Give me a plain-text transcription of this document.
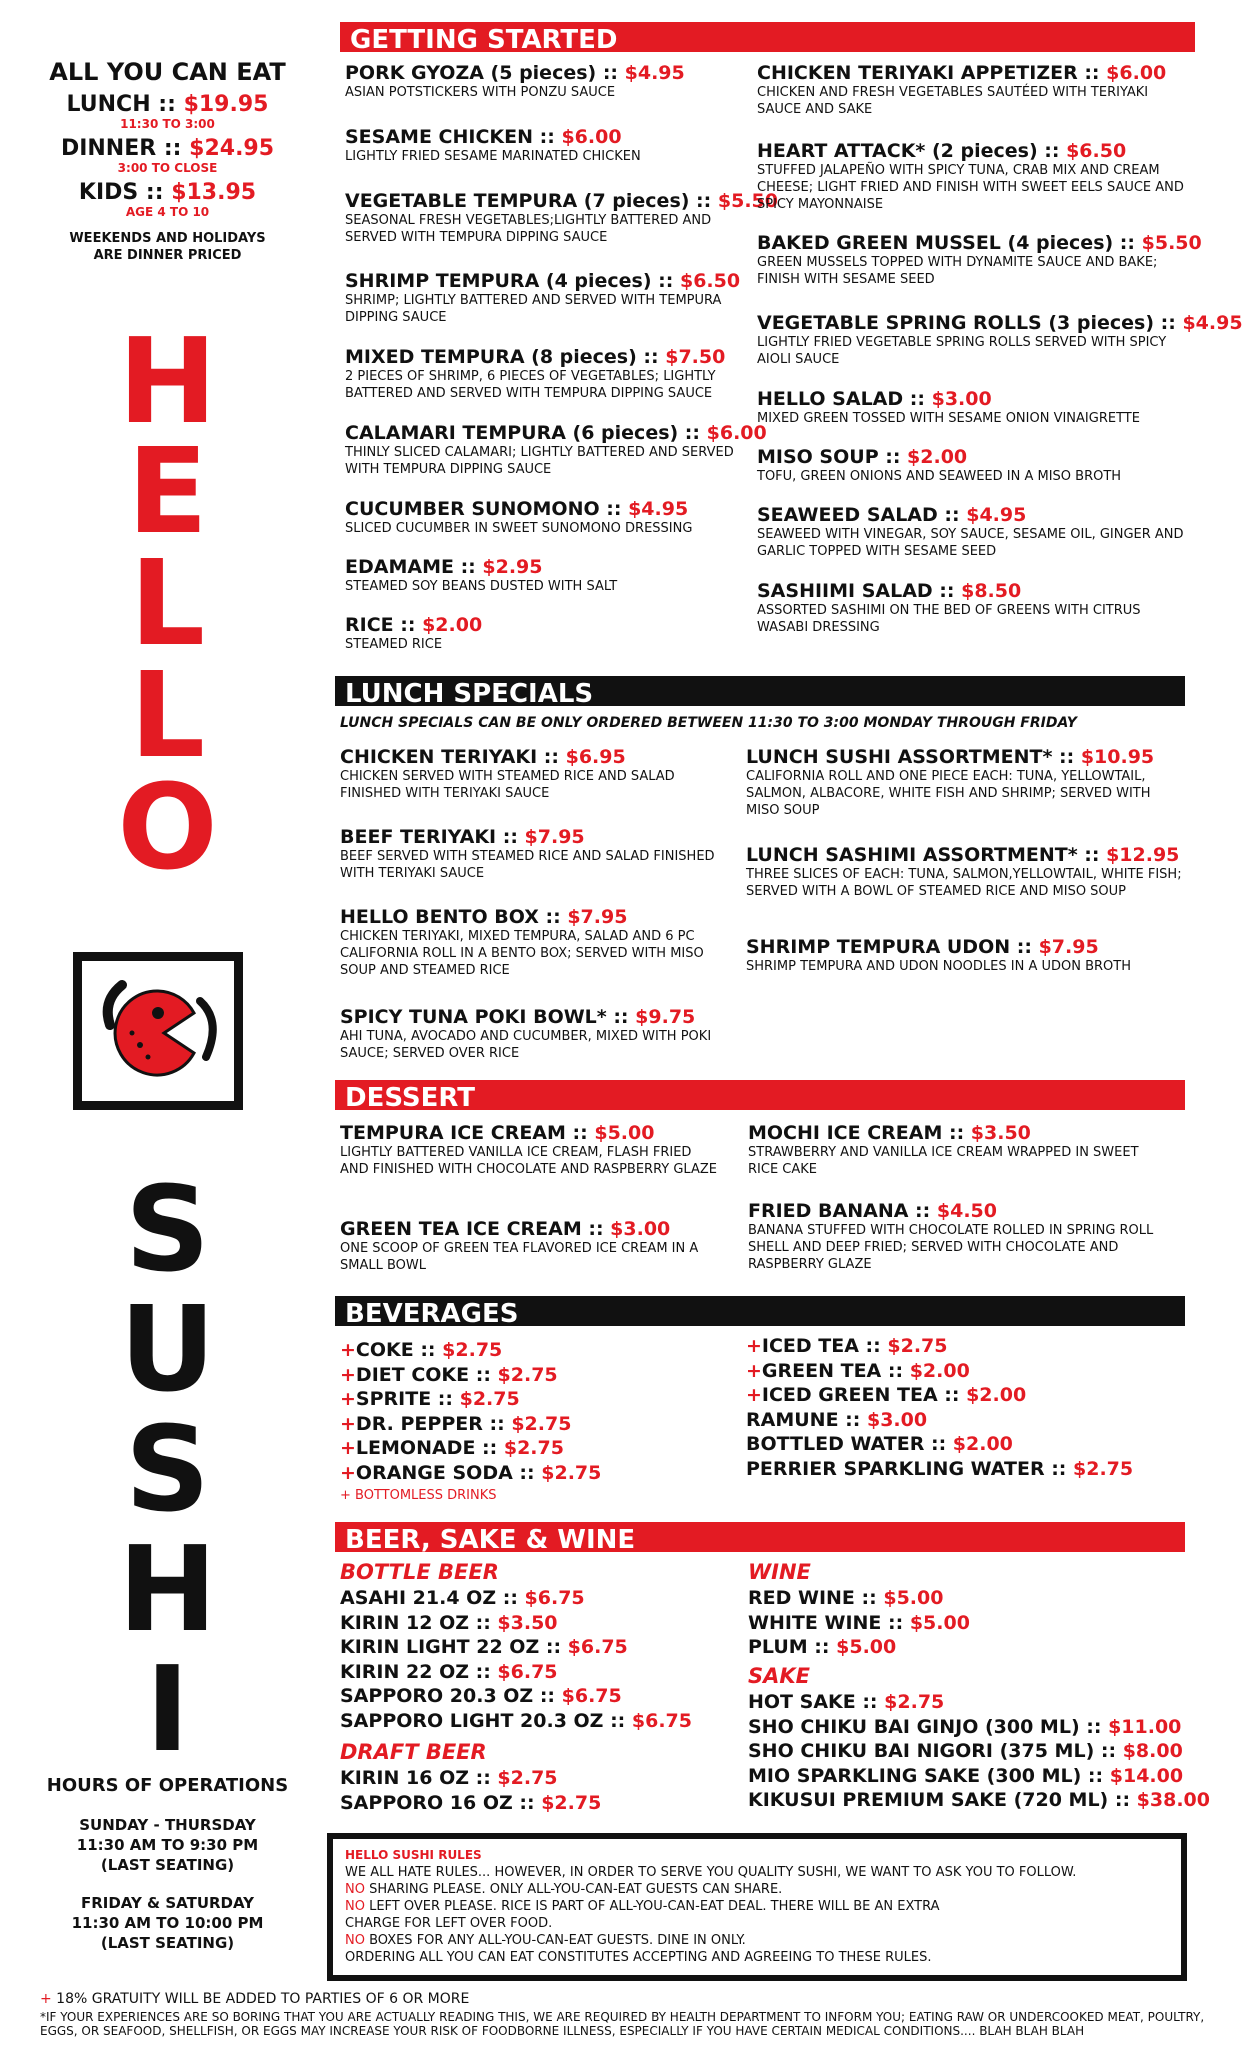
ALL YOU CAN EAT
LUNCH :: $19.95
11:30 TO 3:00
DINNER :: $24.95
3:00 TO CLOSE
KIDS :: $13.95
AGE 4 TO 10
WEEKENDS AND HOLIDAYS
ARE DINNER PRICED
H
E
L
L
O
S
U
S
H
I
HOURS OF OPERATIONS
SUNDAY - THURSDAY
11:30 AM TO 9:30 PM
(LAST SEATING)
FRIDAY & SATURDAY
11:30 AM TO 10:00 PM
(LAST SEATING)
GETTING STARTED
PORK GYOZA (5 pieces) :: $4.95
ASIAN POTSTICKERS WITH PONZU SAUCE
SESAME CHICKEN :: $6.00
LIGHTLY FRIED SESAME MARINATED CHICKEN
VEGETABLE TEMPURA (7 pieces) :: $5.50
SEASONAL FRESH VEGETABLES;LIGHTLY BATTERED AND SERVED WITH TEMPURA DIPPING SAUCE
SHRIMP TEMPURA (4 pieces) :: $6.50
SHRIMP; LIGHTLY BATTERED AND SERVED WITH TEMPURA DIPPING SAUCE
MIXED TEMPURA (8 pieces) :: $7.50
2 PIECES OF SHRIMP, 6 PIECES OF VEGETABLES; LIGHTLY BATTERED AND SERVED WITH TEMPURA DIPPING SAUCE
CALAMARI TEMPURA (6 pieces) :: $6.00
THINLY SLICED CALAMARI; LIGHTLY BATTERED AND SERVED WITH TEMPURA DIPPING SAUCE
CUCUMBER SUNOMONO :: $4.95
SLICED CUCUMBER IN SWEET SUNOMONO DRESSING
EDAMAME :: $2.95
STEAMED SOY BEANS DUSTED WITH SALT
RICE :: $2.00
STEAMED RICE
CHICKEN TERIYAKI APPETIZER :: $6.00
CHICKEN AND FRESH VEGETABLES SAUTÉED WITH TERIYAKI SAUCE AND SAKE
HEART ATTACK* (2 pieces) :: $6.50
STUFFED JALAPEÑO WITH SPICY TUNA, CRAB MIX AND CREAM CHEESE; LIGHT FRIED AND FINISH WITH SWEET EELS SAUCE AND SPICY MAYONNAISE
BAKED GREEN MUSSEL (4 pieces) :: $5.50
GREEN MUSSELS TOPPED WITH DYNAMITE SAUCE AND BAKE; FINISH WITH SESAME SEED
VEGETABLE SPRING ROLLS (3 pieces) :: $4.95
LIGHTLY FRIED VEGETABLE SPRING ROLLS SERVED WITH SPICY AIOLI SAUCE
HELLO SALAD :: $3.00
MIXED GREEN TOSSED WITH SESAME ONION VINAIGRETTE
MISO SOUP :: $2.00
TOFU, GREEN ONIONS AND SEAWEED IN A MISO BROTH
SEAWEED SALAD :: $4.95
SEAWEED WITH VINEGAR, SOY SAUCE, SESAME OIL, GINGER AND GARLIC TOPPED WITH SESAME SEED
SASHIIMI SALAD :: $8.50
ASSORTED SASHIMI ON THE BED OF GREENS WITH CITRUS WASABI DRESSING
LUNCH SPECIALS
LUNCH SPECIALS CAN BE ONLY ORDERED BETWEEN 11:30 TO 3:00 MONDAY THROUGH FRIDAY
CHICKEN TERIYAKI :: $6.95
CHICKEN SERVED WITH STEAMED RICE AND SALAD FINISHED WITH TERIYAKI SAUCE
BEEF TERIYAKI :: $7.95
BEEF SERVED WITH STEAMED RICE AND SALAD FINISHED WITH TERIYAKI SAUCE
HELLO BENTO BOX :: $7.95
CHICKEN TERIYAKI, MIXED TEMPURA, SALAD AND 6 PC CALIFORNIA ROLL IN A BENTO BOX; SERVED WITH MISO SOUP AND STEAMED RICE
SPICY TUNA POKI BOWL* :: $9.75
AHI TUNA, AVOCADO AND CUCUMBER, MIXED WITH POKI SAUCE; SERVED OVER RICE
LUNCH SUSHI ASSORTMENT* :: $10.95
CALIFORNIA ROLL AND ONE PIECE EACH: TUNA, YELLOWTAIL, SALMON, ALBACORE, WHITE FISH AND SHRIMP; SERVED WITH MISO SOUP
LUNCH SASHIMI ASSORTMENT* :: $12.95
THREE SLICES OF EACH: TUNA, SALMON,YELLOWTAIL, WHITE FISH; SERVED WITH A BOWL OF STEAMED RICE AND MISO SOUP
SHRIMP TEMPURA UDON :: $7.95
SHRIMP TEMPURA AND UDON NOODLES IN A UDON BROTH
DESSERT
TEMPURA ICE CREAM :: $5.00
LIGHTLY BATTERED VANILLA ICE CREAM, FLASH FRIED AND FINISHED WITH CHOCOLATE AND RASPBERRY GLAZE
GREEN TEA ICE CREAM :: $3.00
ONE SCOOP OF GREEN TEA FLAVORED ICE CREAM IN A SMALL BOWL
MOCHI ICE CREAM :: $3.50
STRAWBERRY AND VANILLA ICE CREAM WRAPPED IN SWEET RICE CAKE
FRIED BANANA :: $4.50
BANANA STUFFED WITH CHOCOLATE ROLLED IN SPRING ROLL SHELL AND DEEP FRIED; SERVED WITH CHOCOLATE AND RASPBERRY GLAZE
BEVERAGES
+COKE :: $2.75
+DIET COKE :: $2.75
+SPRITE :: $2.75
+DR. PEPPER :: $2.75
+LEMONADE :: $2.75
+ORANGE SODA :: $2.75
+ BOTTOMLESS DRINKS
+ICED TEA :: $2.75
+GREEN TEA :: $2.00
+ICED GREEN TEA :: $2.00
RAMUNE :: $3.00
BOTTLED WATER :: $2.00
PERRIER SPARKLING WATER :: $2.75
BEER, SAKE & WINE
BOTTLE BEER
ASAHI 21.4 OZ :: $6.75
KIRIN 12 OZ :: $3.50
KIRIN LIGHT 22 OZ :: $6.75
KIRIN 22 OZ :: $6.75
SAPPORO 20.3 OZ :: $6.75
SAPPORO LIGHT 20.3 OZ :: $6.75
DRAFT BEER
KIRIN 16 OZ :: $2.75
SAPPORO 16 OZ :: $2.75
WINE
RED WINE :: $5.00
WHITE WINE :: $5.00
PLUM :: $5.00
SAKE
HOT SAKE :: $2.75
SHO CHIKU BAI GINJO (300 ML) :: $11.00
SHO CHIKU BAI NIGORI (375 ML) :: $8.00
MIO SPARKLING SAKE (300 ML) :: $14.00
KIKUSUI PREMIUM SAKE (720 ML) :: $38.00
HELLO SUSHI RULES
WE ALL HATE RULES... HOWEVER, IN ORDER TO SERVE YOU QUALITY SUSHI, WE WANT TO ASK YOU TO FOLLOW.
NO SHARING PLEASE. ONLY ALL-YOU-CAN-EAT GUESTS CAN SHARE.
NO LEFT OVER PLEASE. RICE IS PART OF ALL-YOU-CAN-EAT DEAL. THERE WILL BE AN EXTRA
CHARGE FOR LEFT OVER FOOD.
NO BOXES FOR ANY ALL-YOU-CAN-EAT GUESTS. DINE IN ONLY.
ORDERING ALL YOU CAN EAT CONSTITUTES ACCEPTING AND AGREEING TO THESE RULES.
+ 18% GRATUITY WILL BE ADDED TO PARTIES OF 6 OR MORE
*IF YOUR EXPERIENCES ARE SO BORING THAT YOU ARE ACTUALLY READING THIS, WE ARE REQUIRED BY HEALTH DEPARTMENT TO INFORM YOU; EATING RAW OR UNDERCOOKED MEAT, POULTRY, EGGS, OR SEAFOOD, SHELLFISH, OR EGGS MAY INCREASE YOUR RISK OF FOODBORNE ILLNESS, ESPECIALLY IF YOU HAVE CERTAIN MEDICAL CONDITIONS.... BLAH BLAH BLAH
